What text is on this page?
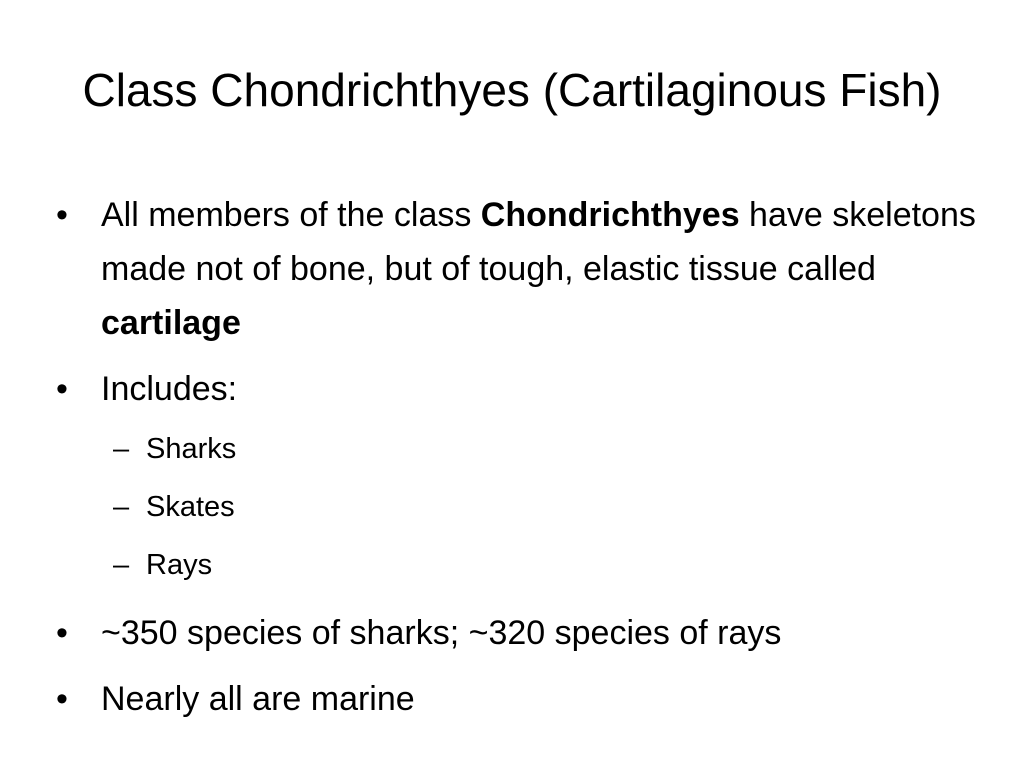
Class Chondrichthyes (Cartilaginous Fish)
•
All members of the class Chondrichthyes have skeletons made not of bone, but of tough, elastic tissue called cartilage
•
Includes:
–
Sharks
–
Skates
–
Rays
•
~350 species of sharks; ~320 species of rays
•
Nearly all are marine
